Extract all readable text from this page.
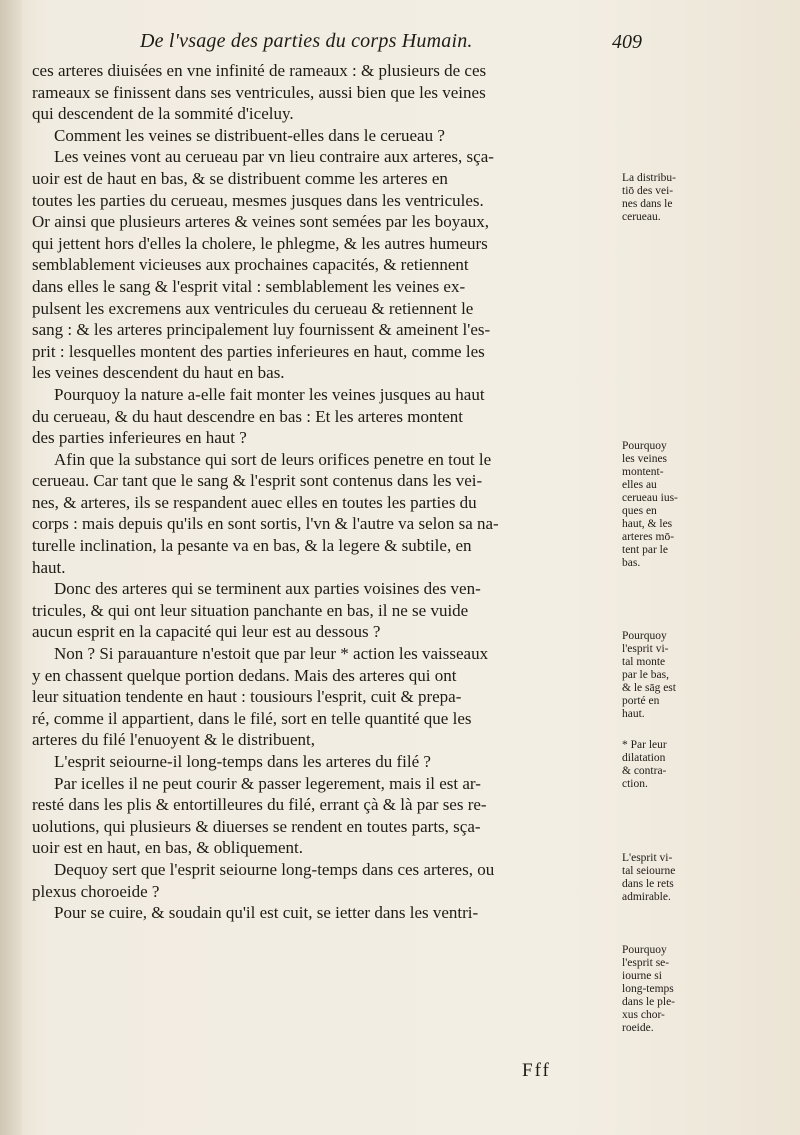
De l'vsage des parties du corps Humain.	409
ces arteres diuisées en vne infinité de rameaux : & plusieurs de ces
rameaux se finissent dans ses ventricules, aussi bien que les veines
qui descendent de la sommité d'iceluy.
Comment les veines se distribuent-elles dans le cerueau ?
Les veines vont au cerueau par vn lieu contraire aux arteres, sça-
uoir est de haut en bas, & se distribuent comme les arteres en
toutes les parties du cerueau, mesmes jusques dans les ventricules.
Or ainsi que plusieurs arteres & veines sont semées par les boyaux,
qui jettent hors d'elles la cholere, le phlegme, & les autres humeurs
semblablement vicieuses aux prochaines capacités, & retiennent
dans elles le sang & l'esprit vital : semblablement les veines ex-
pulsent les excremens aux ventricules du cerueau & retiennent le
sang : & les arteres principalement luy fournissent & ameinent l'es-
prit : lesquelles montent des parties inferieures en haut, comme les
les veines descendent du haut en bas.
Pourquoy la nature a-elle fait monter les veines jusques au haut
du cerueau, & du haut descendre en bas : Et les arteres montent
des parties inferieures en haut ?
Afin que la substance qui sort de leurs orifices penetre en tout le
cerueau. Car tant que le sang & l'esprit sont contenus dans les vei-
nes, & arteres, ils se respandent auec elles en toutes les parties du
corps : mais depuis qu'ils en sont sortis, l'vn & l'autre va selon sa na-
turelle inclination, la pesante va en bas, & la legere & subtile, en
haut.
Donc des arteres qui se terminent aux parties voisines des ven-
tricules, & qui ont leur situation panchante en bas, il ne se vuide
aucun esprit en la capacité qui leur est au dessous ?
Non ? Si parauanture n'estoit que par leur * action les vaisseaux
y en chassent quelque portion dedans. Mais des arteres qui ont
leur situation tendente en haut : tousiours l'esprit, cuit & prepa-
ré, comme il appartient, dans le filé, sort en telle quantité que les
arteres du filé l'enuoyent & le distribuent,
L'esprit seiourne-il long-temps dans les arteres du filé ?
Par icelles il ne peut courir & passer legerement, mais il est ar-
resté dans les plis & entortilleures du filé, errant çà & là par ses re-
uolutions, qui plusieurs & diuerses se rendent en toutes parts, sça-
uoir est en haut, en bas, & obliquement.
Dequoy sert que l'esprit seiourne long-temps dans ces arteres, ou
plexus choroeide ?
Pour se cuire, & soudain qu'il est cuit, se ietter dans les ventri-
La distribu-
tiō des vei-
nes dans le
cerueau.
Pourquoy
les veines
montent-
elles au
cerueau ius-
ques en
haut, & les
arteres mō-
tent par le
bas.
Pourquoy
l'esprit vi-
tal monte
par le bas,
& le sāg est
porté en
haut.
* Par leur
dilatation
& contra-
ction.
L'esprit vi-
tal seiourne
dans le rets
admirable.
Pourquoy
l'esprit se-
iourne si
long-temps
dans le ple-
xus chor-
roeide.
Fff
